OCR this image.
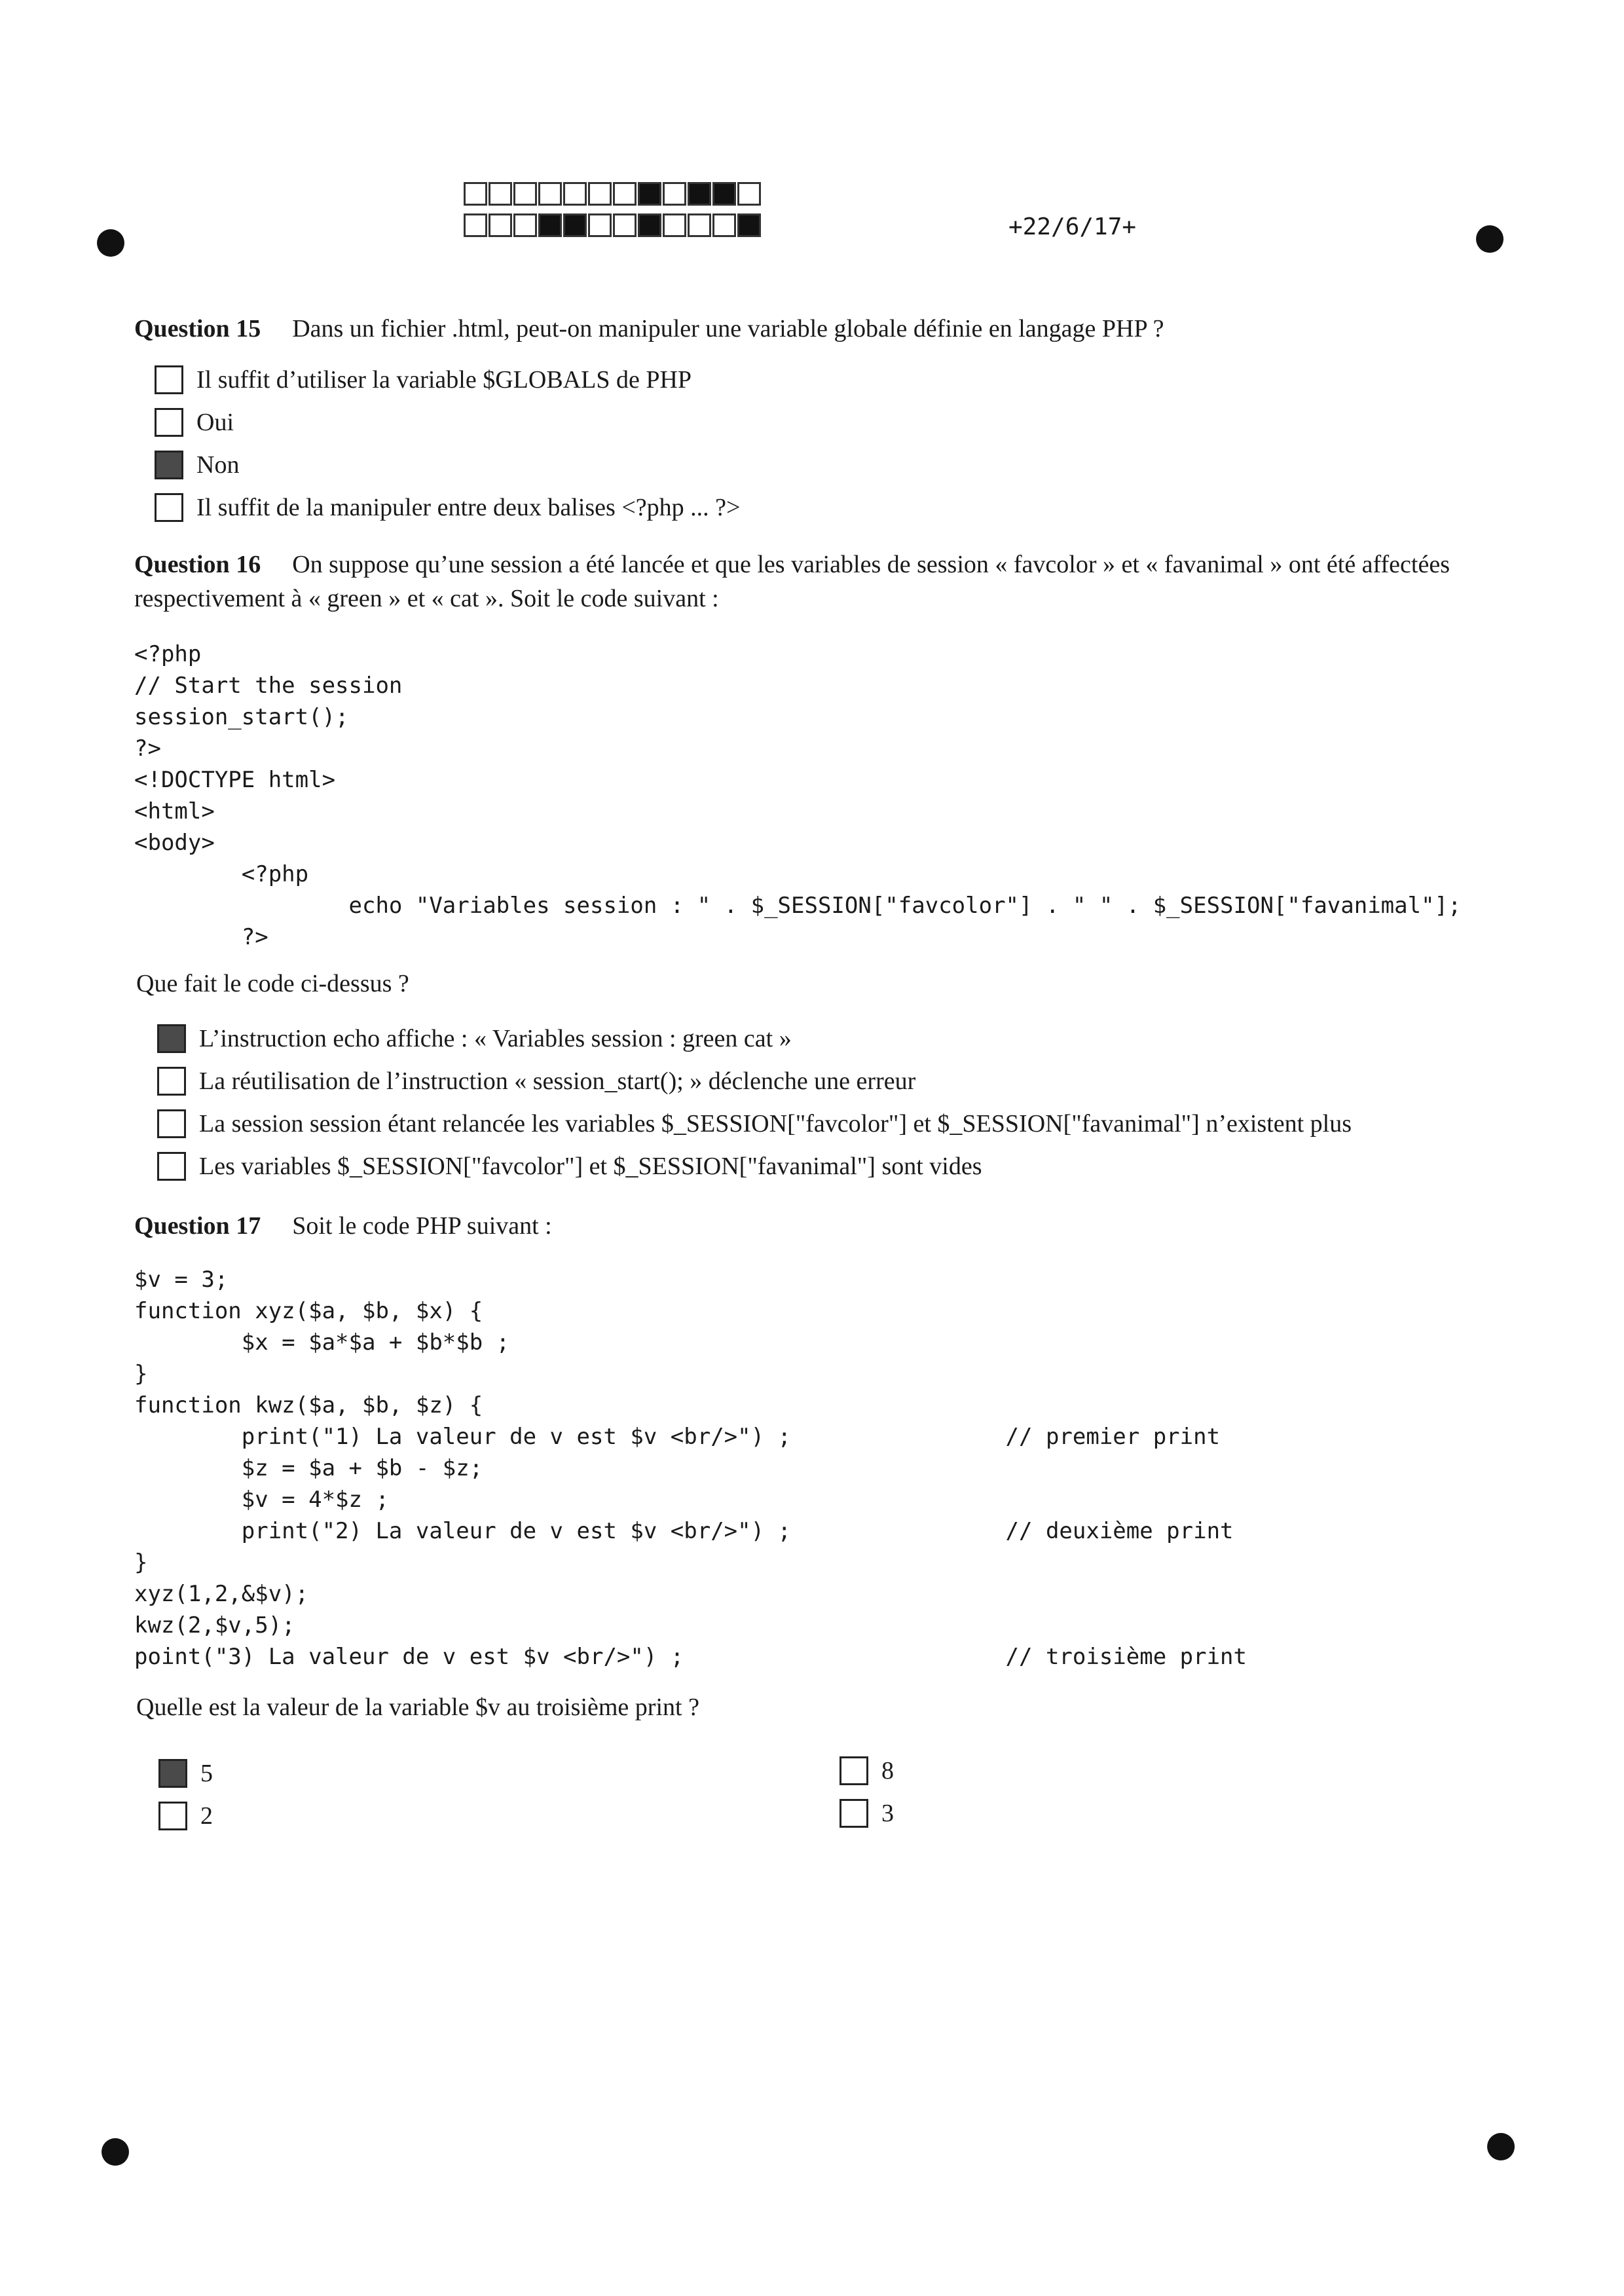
+22/6/17+
Question 15 Dans un fichier .html, peut-on manipuler une variable globale définie en langage PHP ?
Il suffit d’utiliser la variable $GLOBALS de PHP
Oui
Non
Il suffit de la manipuler entre deux balises <?php ... ?>
Question 16 On suppose qu’une session a été lancée et que les variables de session « favcolor » et « favanimal » ont été affectées respectivement à « green » et « cat ». Soit le code suivant :
<?php
// Start the session
session_start();
?>
<!DOCTYPE html>
<html>
<body>
<?php
echo "Variables session : " . $_SESSION["favcolor"] . " " . $_SESSION["favanimal"];
?>
Que fait le code ci-dessus ?
L’instruction echo affiche : « Variables session : green cat »
La réutilisation de l’instruction « session_start(); » déclenche une erreur
La session session étant relancée les variables $_SESSION["favcolor"] et $_SESSION["favanimal"] n’existent plus
Les variables $_SESSION["favcolor"] et $_SESSION["favanimal"] sont vides
Question 17 Soit le code PHP suivant :
$v = 3;
function xyz($a, $b, $x) {
$x = $a*$a + $b*$b ;
}
function kwz($a, $b, $z) {
print("1) La valeur de v est $v <br/>") ;                // premier print
$z = $a + $b - $z;
$v = 4*$z ;
print("2) La valeur de v est $v <br/>") ;                // deuxième print
}
xyz(1,2,&$v);
kwz(2,$v,5);
point("3) La valeur de v est $v <br/>") ;                        // troisième print
Quelle est la valeur de la variable $v au troisième print ?
5
2
8
3
